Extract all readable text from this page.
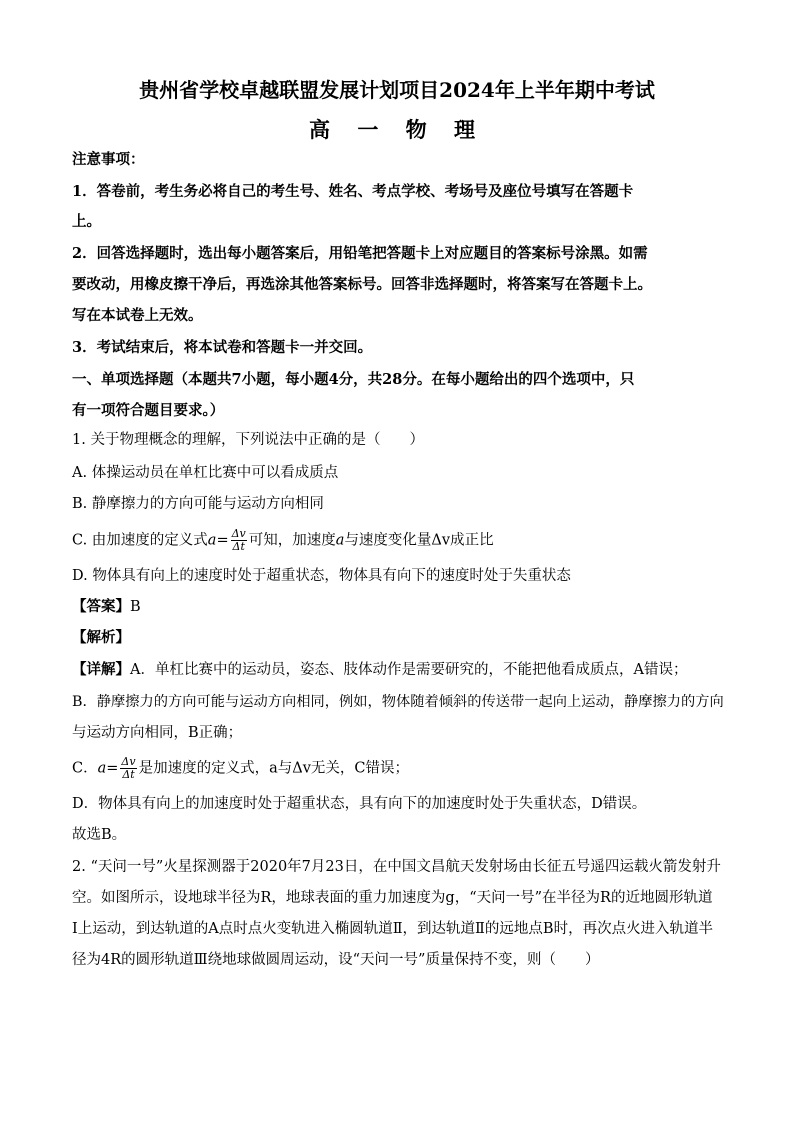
贵州省学校卓越联盟发展计划项目2024年上半年期中考试
高 一 物 理
注意事项：
1．答卷前，考生务必将自己的考生号、姓名、考点学校、考场号及座位号填写在答题卡
上。
2．回答选择题时，选出每小题答案后，用铅笔把答题卡上对应题目的答案标号涂黑。如需
要改动，用橡皮擦干净后，再选涂其他答案标号。回答非选择题时，将答案写在答题卡上。
写在本试卷上无效。
3．考试结束后，将本试卷和答题卡一并交回。
一、单项选择题（本题共7小题，每小题4分，共28分。在每小题给出的四个选项中，只
有一项符合题目要求。）
1. 关于物理概念的理解，下列说法中正确的是（　　）
A. 体操运动员在单杠比赛中可以看成质点
B. 静摩擦力的方向可能与运动方向相同
C. 由加速度的定义式$a= \frac{\Delta v}{\Delta t}$ 可知，加速度a与速度变化量Δv成正比
D. 物体具有向上的速度时处于超重状态，物体具有向下的速度时处于失重状态
【答案】B
【解析】
【详解】A．单杠比赛中的运动员，姿态、肢体动作是需要研究的，不能把他看成质点，A错误；
B．静摩擦力的方向可能与运动方向相同，例如，物体随着倾斜的传送带一起向上运动，静摩擦力的方向
与运动方向相同，B正确；
C．$a= \frac{\Delta v}{\Delta t}$ 是加速度的定义式，a与Δv无关，C错误；
D．物体具有向上的加速度时处于超重状态，具有向下的加速度时处于失重状态，D错误。
故选B。
2. “天问一号”火星探测器于2020年7月23日，在中国文昌航天发射场由长征五号遥四运载火箭发射升
空。如图所示，设地球半径为R，地球表面的重力加速度为g，“天问一号”在半径为R的近地圆形轨道
Ⅰ上运动，到达轨道的A点时点火变轨进入椭圆轨道Ⅱ，到达轨道Ⅱ的远地点B时，再次点火进入轨道半
径为4R的圆形轨道Ⅲ绕地球做圆周运动，设“天问一号”质量保持不变，则（　　）
